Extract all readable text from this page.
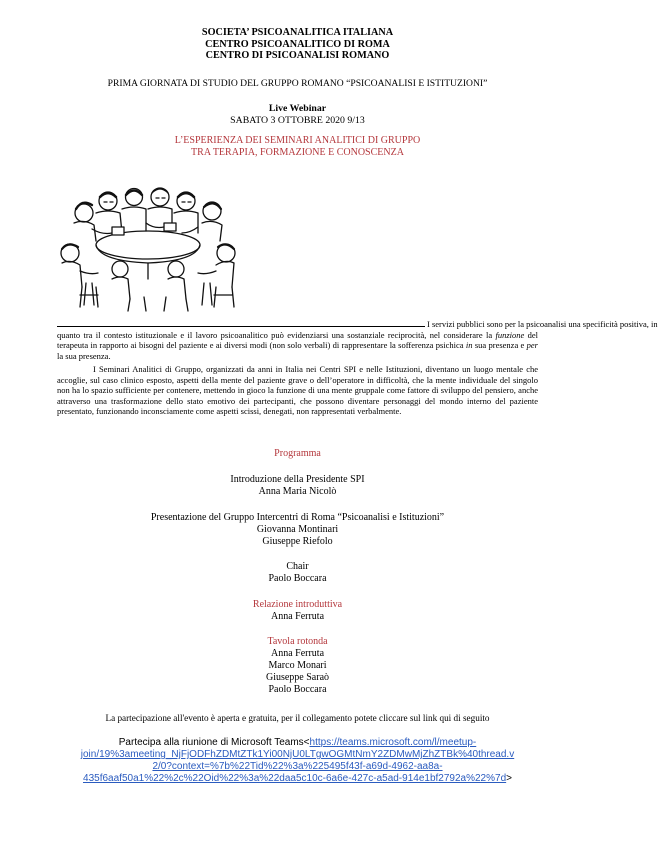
SOCIETA’ PSICOANALITICA ITALIANA
CENTRO PSICOANALITICO DI ROMA
CENTRO DI PSICOANALISI ROMANO
PRIMA GIORNATA DI STUDIO DEL GRUPPO ROMANO “PSICOANALISI E ISTITUZIONI”
Live Webinar
SABATO 3 OTTOBRE 2020 9/13
L’ESPERIENZA DEI SEMINARI ANALITICI DI GRUPPO
TRA TERAPIA, FORMAZIONE E CONOSCENZA
I servizi pubblici sono per la psicoanalisi una specificità positiva, in
quanto tra il contesto istituzionale e il lavoro psicoanalitico può evidenziarsi una sostanziale reciprocità, nel considerare la funzione del terapeuta in rapporto ai bisogni del paziente e ai diversi modi (non solo verbali) di rappresentare la sofferenza psichica in sua presenza e per la sua presenza.
I Seminari Analitici di Gruppo, organizzati da anni in Italia nei Centri SPI e nelle Istituzioni, diventano un luogo mentale che accoglie, sul caso clinico esposto, aspetti della mente del paziente grave o dell’operatore in difficoltà, che la mente individuale del singolo non ha lo spazio sufficiente per contenere, mettendo in gioco la funzione di una mente gruppale come fattore di sviluppo del pensiero, anche attraverso una trasformazione dello stato emotivo dei partecipanti, che possono diventare personaggi del mondo interno del paziente presentato, funzionando inconsciamente come aspetti scissi, denegati, non rappresentati verbalmente.
Programma
Introduzione della Presidente SPI
Anna Maria Nicolò
Presentazione del Gruppo Intercentri di Roma “Psicoanalisi e Istituzioni”
Giovanna Montinari
Giuseppe Riefolo
Chair
Paolo Boccara
Relazione introduttiva
Anna Ferruta
Tavola rotonda
Anna Ferruta
Marco Monari
Giuseppe Saraò
Paolo Boccara
La partecipazione all'evento è aperta e gratuita, per il collegamento potete cliccare sul link qui di seguito
Partecipa alla riunione di Microsoft Teams<https://teams.microsoft.com/l/meetup-
join/19%3ameeting_NjFjODFhZDMtZTk1Yi00NjU0LTgwOGMtNmY2ZDMwMjZhZTBk%40thread.v
2/0?context=%7b%22Tid%22%3a%225495f43f-a69d-4962-aa8a-
435f6aaf50a1%22%2c%22Oid%22%3a%22daa5c10c-6a6e-427c-a5ad-914e1bf2792a%22%7d>
